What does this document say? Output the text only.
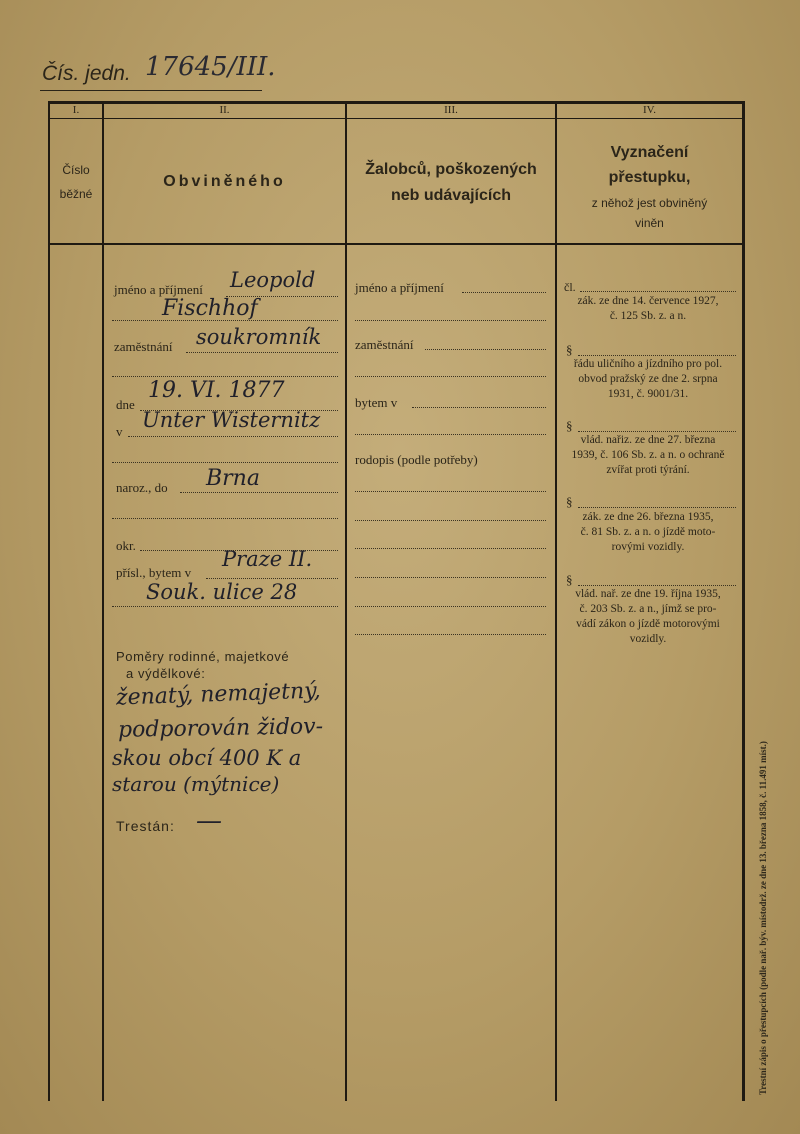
Čís. jedn. 17645/III.
I.	II.	III.	IV.
Číslo
běžné
Obviněného
Žalobců, poškozených
neb udávajících
Vyznačení
přestupku,
z něhož jest obviněný
viněn
jméno a příjmení Leopold
Fischhof
zaměstnání soukromník
dne
19. VI. 1877
v Unter Wisternitz
naroz., do Brna
okr.
přísl., bytem v
Praze II.
Souk. ulice 28
Poměry rodinné, majetkové
a výdělkové:
ženatý, nemajetný,
podporován židov-
skou obcí 400 K a
starou (mýtnice)
Trestán: —
jméno a příjmení
zaměstnání
bytem v
rodopis (podle potřeby)
čl.
zák. ze dne 14. července 1927,
č. 125 Sb. z. a n.
§
řádu uličního a jízdního pro pol.
obvod pražský ze dne 2. srpna
1931, č. 9001/31.
§
vlád. nařiz. ze dne 27. března
1939, č. 106 Sb. z. a n. o ochraně
zvířat proti týrání.
§
zák. ze dne 26. března 1935,
č. 81 Sb. z. a n. o jízdě moto-
rovými vozidly.
§
vlád. nař. ze dne 19. října 1935,
č. 203 Sb. z. a n., jímž se pro-
vádí zákon o jízdě motorovými
vozidly.
Trestní zápis o přestupcích (podle nař. býv. místodrž. ze dne 13. března 1858, č. 11.491 míst.)
